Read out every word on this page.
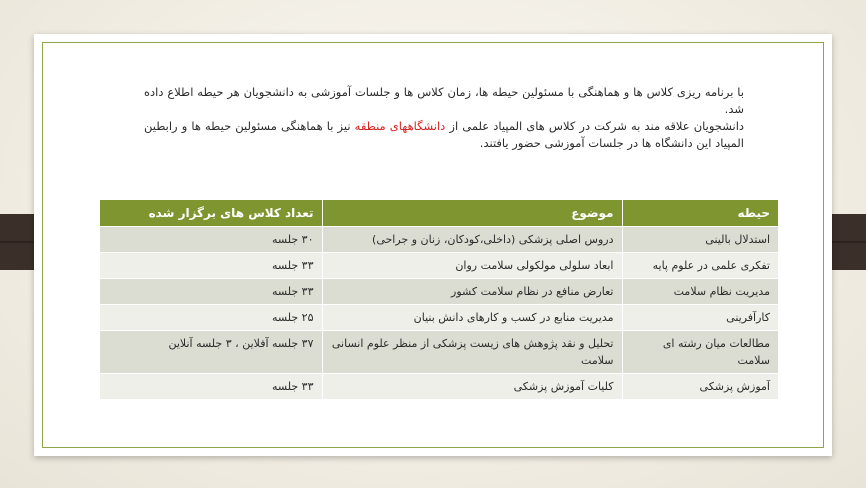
با برنامه ریزی کلاس ها و هماهنگی با مسئولین حیطه ها، زمان کلاس ها و جلسات آموزشی به دانشجویان هر حیطه اطلاع داده شد.

دانشجویان علاقه مند به شرکت در کلاس های المپیاد علمی از دانشگاههای منطقه نیز با هماهنگی مسئولین حیطه ها و رابطین المپیاد این دانشگاه ها در جلسات آموزشی حضور یافتند.

حیطه	موضوع	تعداد کلاس های برگزار شده
استدلال بالینی	دروس اصلی پزشکی (داخلی،کودکان، زنان و جراحی)	۳۰ جلسه
تفکری علمی در علوم پایه	ابعاد سلولی مولکولی سلامت روان	۳۳ جلسه
مدیریت نظام سلامت	تعارض منافع در نظام سلامت کشور	۳۳ جلسه
کارآفرینی	مدیریت منابع در کسب و کارهای دانش بنیان	۲۵ جلسه
مطالعات میان رشته ای سلامت	تحلیل و نقد پژوهش های زیست پزشکی از منظر علوم انسانی سلامت	۳۷ جلسه آفلاین ، ۳ جلسه آنلاین
آموزش پزشکی	کلیات آموزش پزشکی	۳۳ جلسه
